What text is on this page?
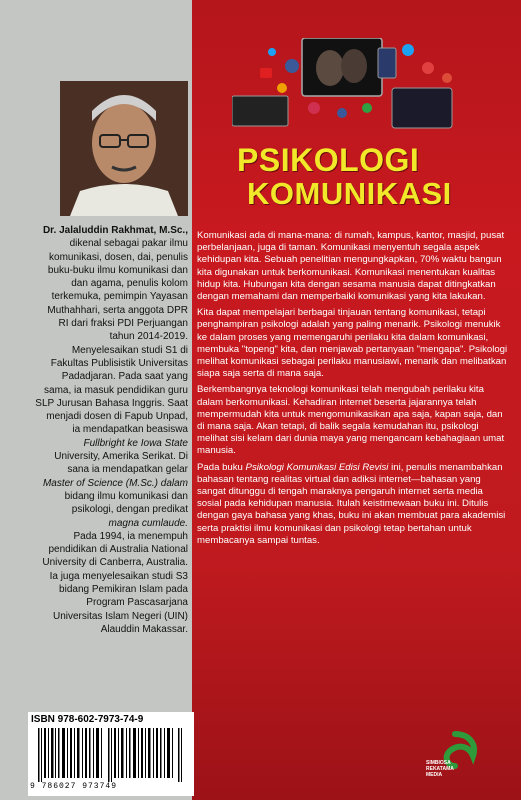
Dr. Jalaluddin Rakhmat, M.Sc.,
dikenal sebagai pakar ilmu
komunikasi, dosen, dai, penulis
buku-buku ilmu komunikasi dan
dan agama, penulis kolom
terkemuka, pemimpin Yayasan
Muthahhari, serta anggota DPR
RI dari fraksi PDI Perjuangan
tahun 2014-2019.
Menyelesaikan studi S1 di
Fakultas Publisistik Universitas
Padadjaran. Pada saat yang
sama, ia masuk pendidikan guru
SLP Jurusan Bahasa Inggris. Saat
menjadi dosen di Fapub Unpad,
ia mendapatkan beasiswa
Fullbright ke Iowa State
University, Amerika Serikat. Di
sana ia mendapatkan gelar
Master of Science (M.Sc.) dalam
bidang ilmu komunikasi dan
psikologi, dengan predikat
magna cumlaude.
Pada 1994, ia menempuh
pendidikan di Australia National
University di Canberra, Australia.
Ia juga menyelesaikan studi S3
bidang Pemikiran Islam pada
Program Pascasarjana
Universitas Islam Negeri (UIN)
Alauddin Makassar.
PSIKOLOGI
KOMUNIKASI

Komunikasi ada di mana-mana: di rumah, kampus, kantor, masjid, pusat perbelanjaan, juga di taman. Komunikasi menyentuh segala aspek kehidupan kita. Sebuah penelitian mengungkapkan, 70% waktu bangun kita digunakan untuk berkomunikasi. Komunikasi menentukan kualitas hidup kita. Hubungan kita dengan sesama manusia dapat ditingkatkan dengan memahami dan memperbaiki komunikasi yang kita lakukan.

Kita dapat mempelajari berbagai tinjauan tentang komunikasi, tetapi penghampiran psikologi adalah yang paling menarik. Psikologi menukik ke dalam proses yang memengaruhi perilaku kita dalam komunikasi, membuka "topeng" kita, dan menjawab pertanyaan "mengapa". Psikologi melihat komunikasi sebagai perilaku manusiawi, menarik dan melibatkan siapa saja serta di mana saja.

Berkembangnya teknologi komunikasi telah mengubah perilaku kita dalam berkomunikasi. Kehadiran internet beserta jajarannya telah mempermudah kita untuk mengomunikasikan apa saja, kapan saja, dan di mana saja. Akan tetapi, di balik segala kemudahan itu, psikologi melihat sisi kelam dari dunia maya yang mengancam kebahagiaan umat manusia.

Pada buku Psikologi Komunikasi Edisi Revisi ini, penulis menambahkan bahasan tentang realitas virtual dan adiksi internet—bahasan yang sangat ditunggu di tengah maraknya pengaruh internet serta media sosial pada kehidupan manusia. Itulah keistimewaan buku ini. Ditulis dengan gaya bahasa yang khas, buku ini akan membuat para akademisi serta praktisi ilmu komunikasi dan psikologi tetap bertahan untuk membacanya sampai tuntas.

ISBN 978-602-7973-74-9
9 786027 973749
SIMBIOSA
REKATAMA
MEDIA
